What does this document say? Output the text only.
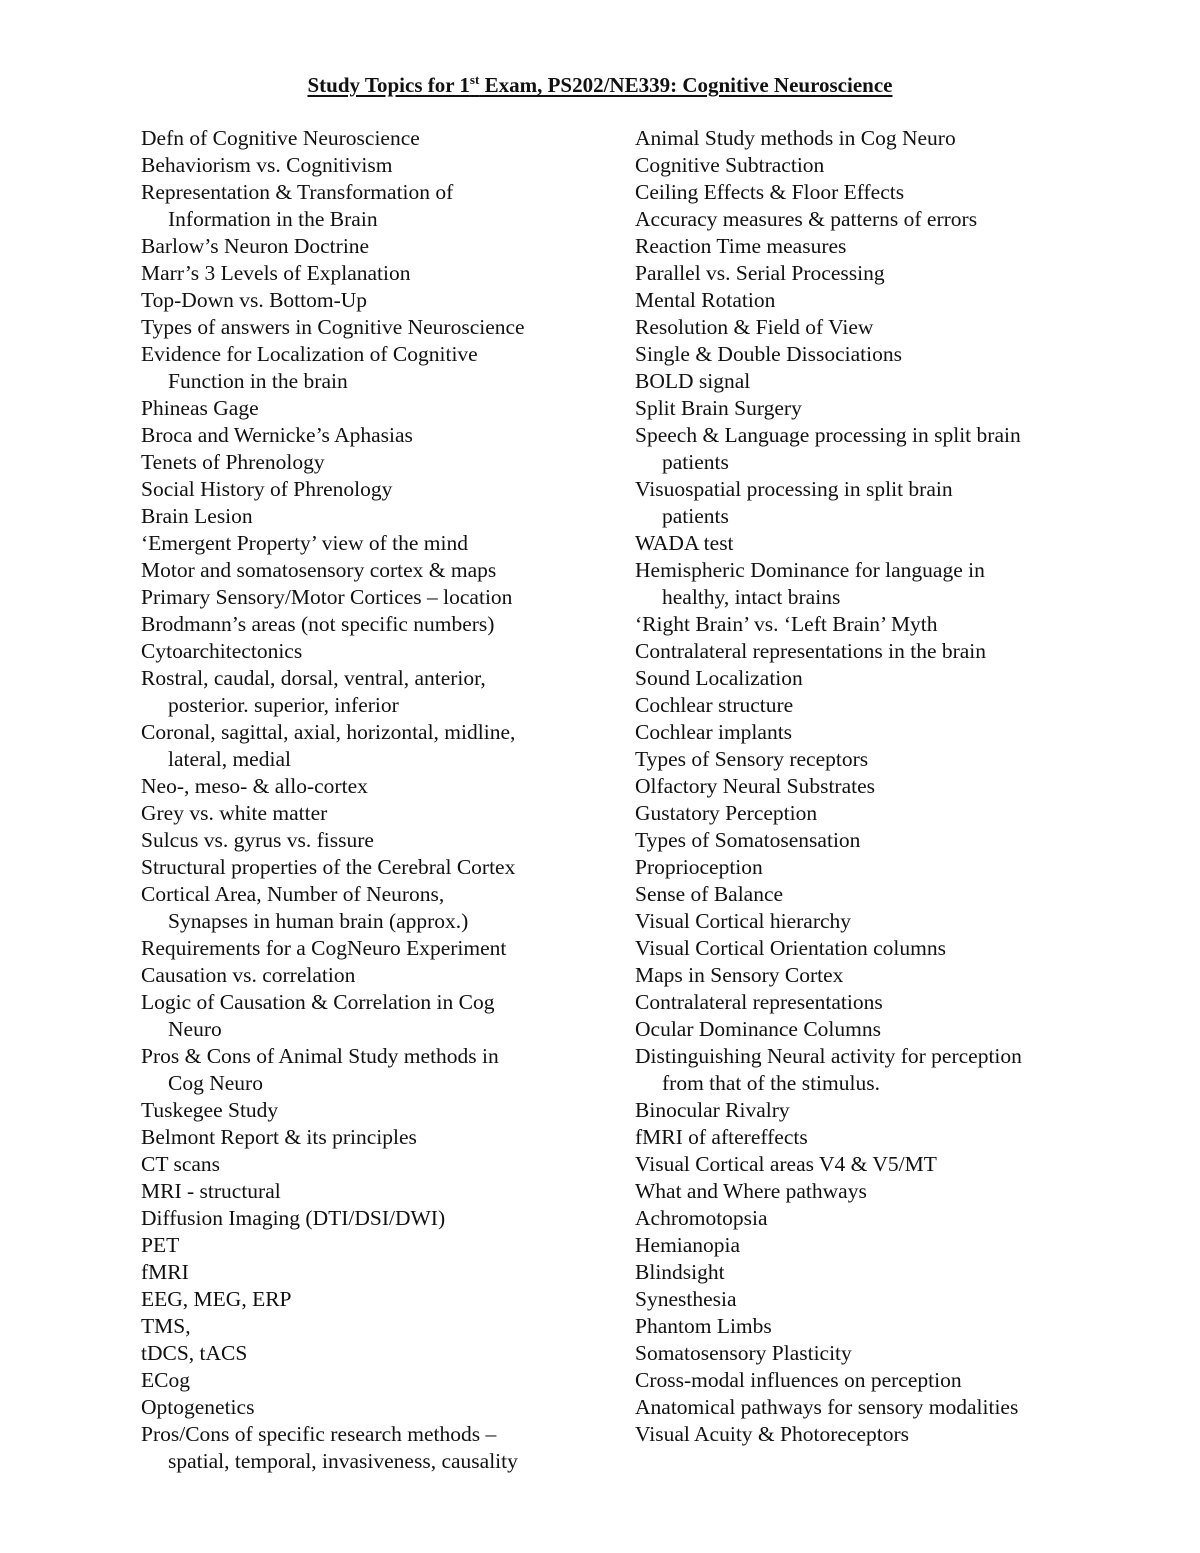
Study Topics for 1st Exam, PS202/NE339: Cognitive Neuroscience
Defn of Cognitive Neuroscience
Behaviorism vs. Cognitivism
Representation & Transformation of
Information in the Brain
Barlow’s Neuron Doctrine
Marr’s 3 Levels of Explanation
Top-Down vs. Bottom-Up
Types of answers in Cognitive Neuroscience
Evidence for Localization of Cognitive
Function in the brain
Phineas Gage
Broca and Wernicke’s Aphasias
Tenets of Phrenology
Social History of Phrenology
Brain Lesion
‘Emergent Property’ view of the mind
Motor and somatosensory cortex & maps
Primary Sensory/Motor Cortices – location
Brodmann’s areas (not specific numbers)
Cytoarchitectonics
Rostral, caudal, dorsal, ventral, anterior,
posterior. superior, inferior
Coronal, sagittal, axial, horizontal, midline,
lateral, medial
Neo-, meso- & allo-cortex
Grey vs. white matter
Sulcus vs. gyrus vs. fissure
Structural properties of the Cerebral Cortex
Cortical Area, Number of Neurons,
Synapses in human brain (approx.)
Requirements for a CogNeuro Experiment
Causation vs. correlation
Logic of Causation & Correlation in Cog
Neuro
Pros & Cons of Animal Study methods in
Cog Neuro
Tuskegee Study
Belmont Report & its principles
CT scans
MRI - structural
Diffusion Imaging (DTI/DSI/DWI)
PET
fMRI
EEG, MEG, ERP
TMS,
tDCS, tACS
ECog
Optogenetics
Pros/Cons of specific research methods –
spatial, temporal, invasiveness, causality
Animal Study methods in Cog Neuro
Cognitive Subtraction
Ceiling Effects & Floor Effects
Accuracy measures & patterns of errors
Reaction Time measures
Parallel vs. Serial Processing
Mental Rotation
Resolution & Field of View
Single & Double Dissociations
BOLD signal
Split Brain Surgery
Speech & Language processing in split brain
patients
Visuospatial processing in split brain
patients
WADA test
Hemispheric Dominance for language in
healthy, intact brains
‘Right Brain’ vs. ‘Left Brain’ Myth
Contralateral representations in the brain
Sound Localization
Cochlear structure
Cochlear implants
Types of Sensory receptors
Olfactory Neural Substrates
Gustatory Perception
Types of Somatosensation
Proprioception
Sense of Balance
Visual Cortical hierarchy
Visual Cortical Orientation columns
Maps in Sensory Cortex
Contralateral representations
Ocular Dominance Columns
Distinguishing Neural activity for perception
from that of the stimulus.
Binocular Rivalry
fMRI of aftereffects
Visual Cortical areas V4 & V5/MT
What and Where pathways
Achromotopsia
Hemianopia
Blindsight
Synesthesia
Phantom Limbs
Somatosensory Plasticity
Cross-modal influences on perception
Anatomical pathways for sensory modalities
Visual Acuity & Photoreceptors
